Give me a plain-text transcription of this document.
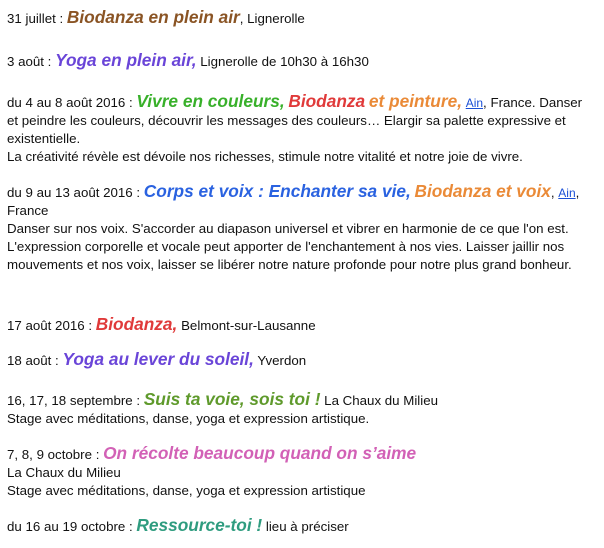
31 juillet : Biodanza en plein air, Lignerolle
3 août : Yoga en plein air, Lignerolle de 10h30 à 16h30
du 4 au 8 août 2016 : Vivre en couleurs, Biodanza et peinture, Ain, France. Danser et peindre les couleurs, découvrir les messages des couleurs… Elargir sa palette expressive et existentielle.
La créativité révèle est dévoile nos richesses, stimule notre vitalité et notre joie de vivre.
du 9 au 13 août 2016 : Corps et voix : Enchanter sa vie, Biodanza et voix, Ain, France
Danser sur nos voix. S'accorder au diapason universel et vibrer en harmonie de ce que l'on est. L'expression corporelle et vocale peut apporter de l'enchantement à nos vies. Laisser jaillir nos mouvements et nos voix, laisser se libérer notre nature profonde pour notre plus grand bonheur.
17 août 2016 : Biodanza, Belmont-sur-Lausanne
18 août : Yoga au lever du soleil, Yverdon
16, 17, 18 septembre : Suis ta voie, sois toi ! La Chaux du Milieu
Stage avec méditations, danse, yoga et expression artistique.
7, 8, 9 octobre : On récolte beaucoup quand on s’aime
La Chaux du Milieu
Stage avec méditations, danse, yoga et expression artistique
du 16 au 19 octobre : Ressource-toi ! lieu à préciser
